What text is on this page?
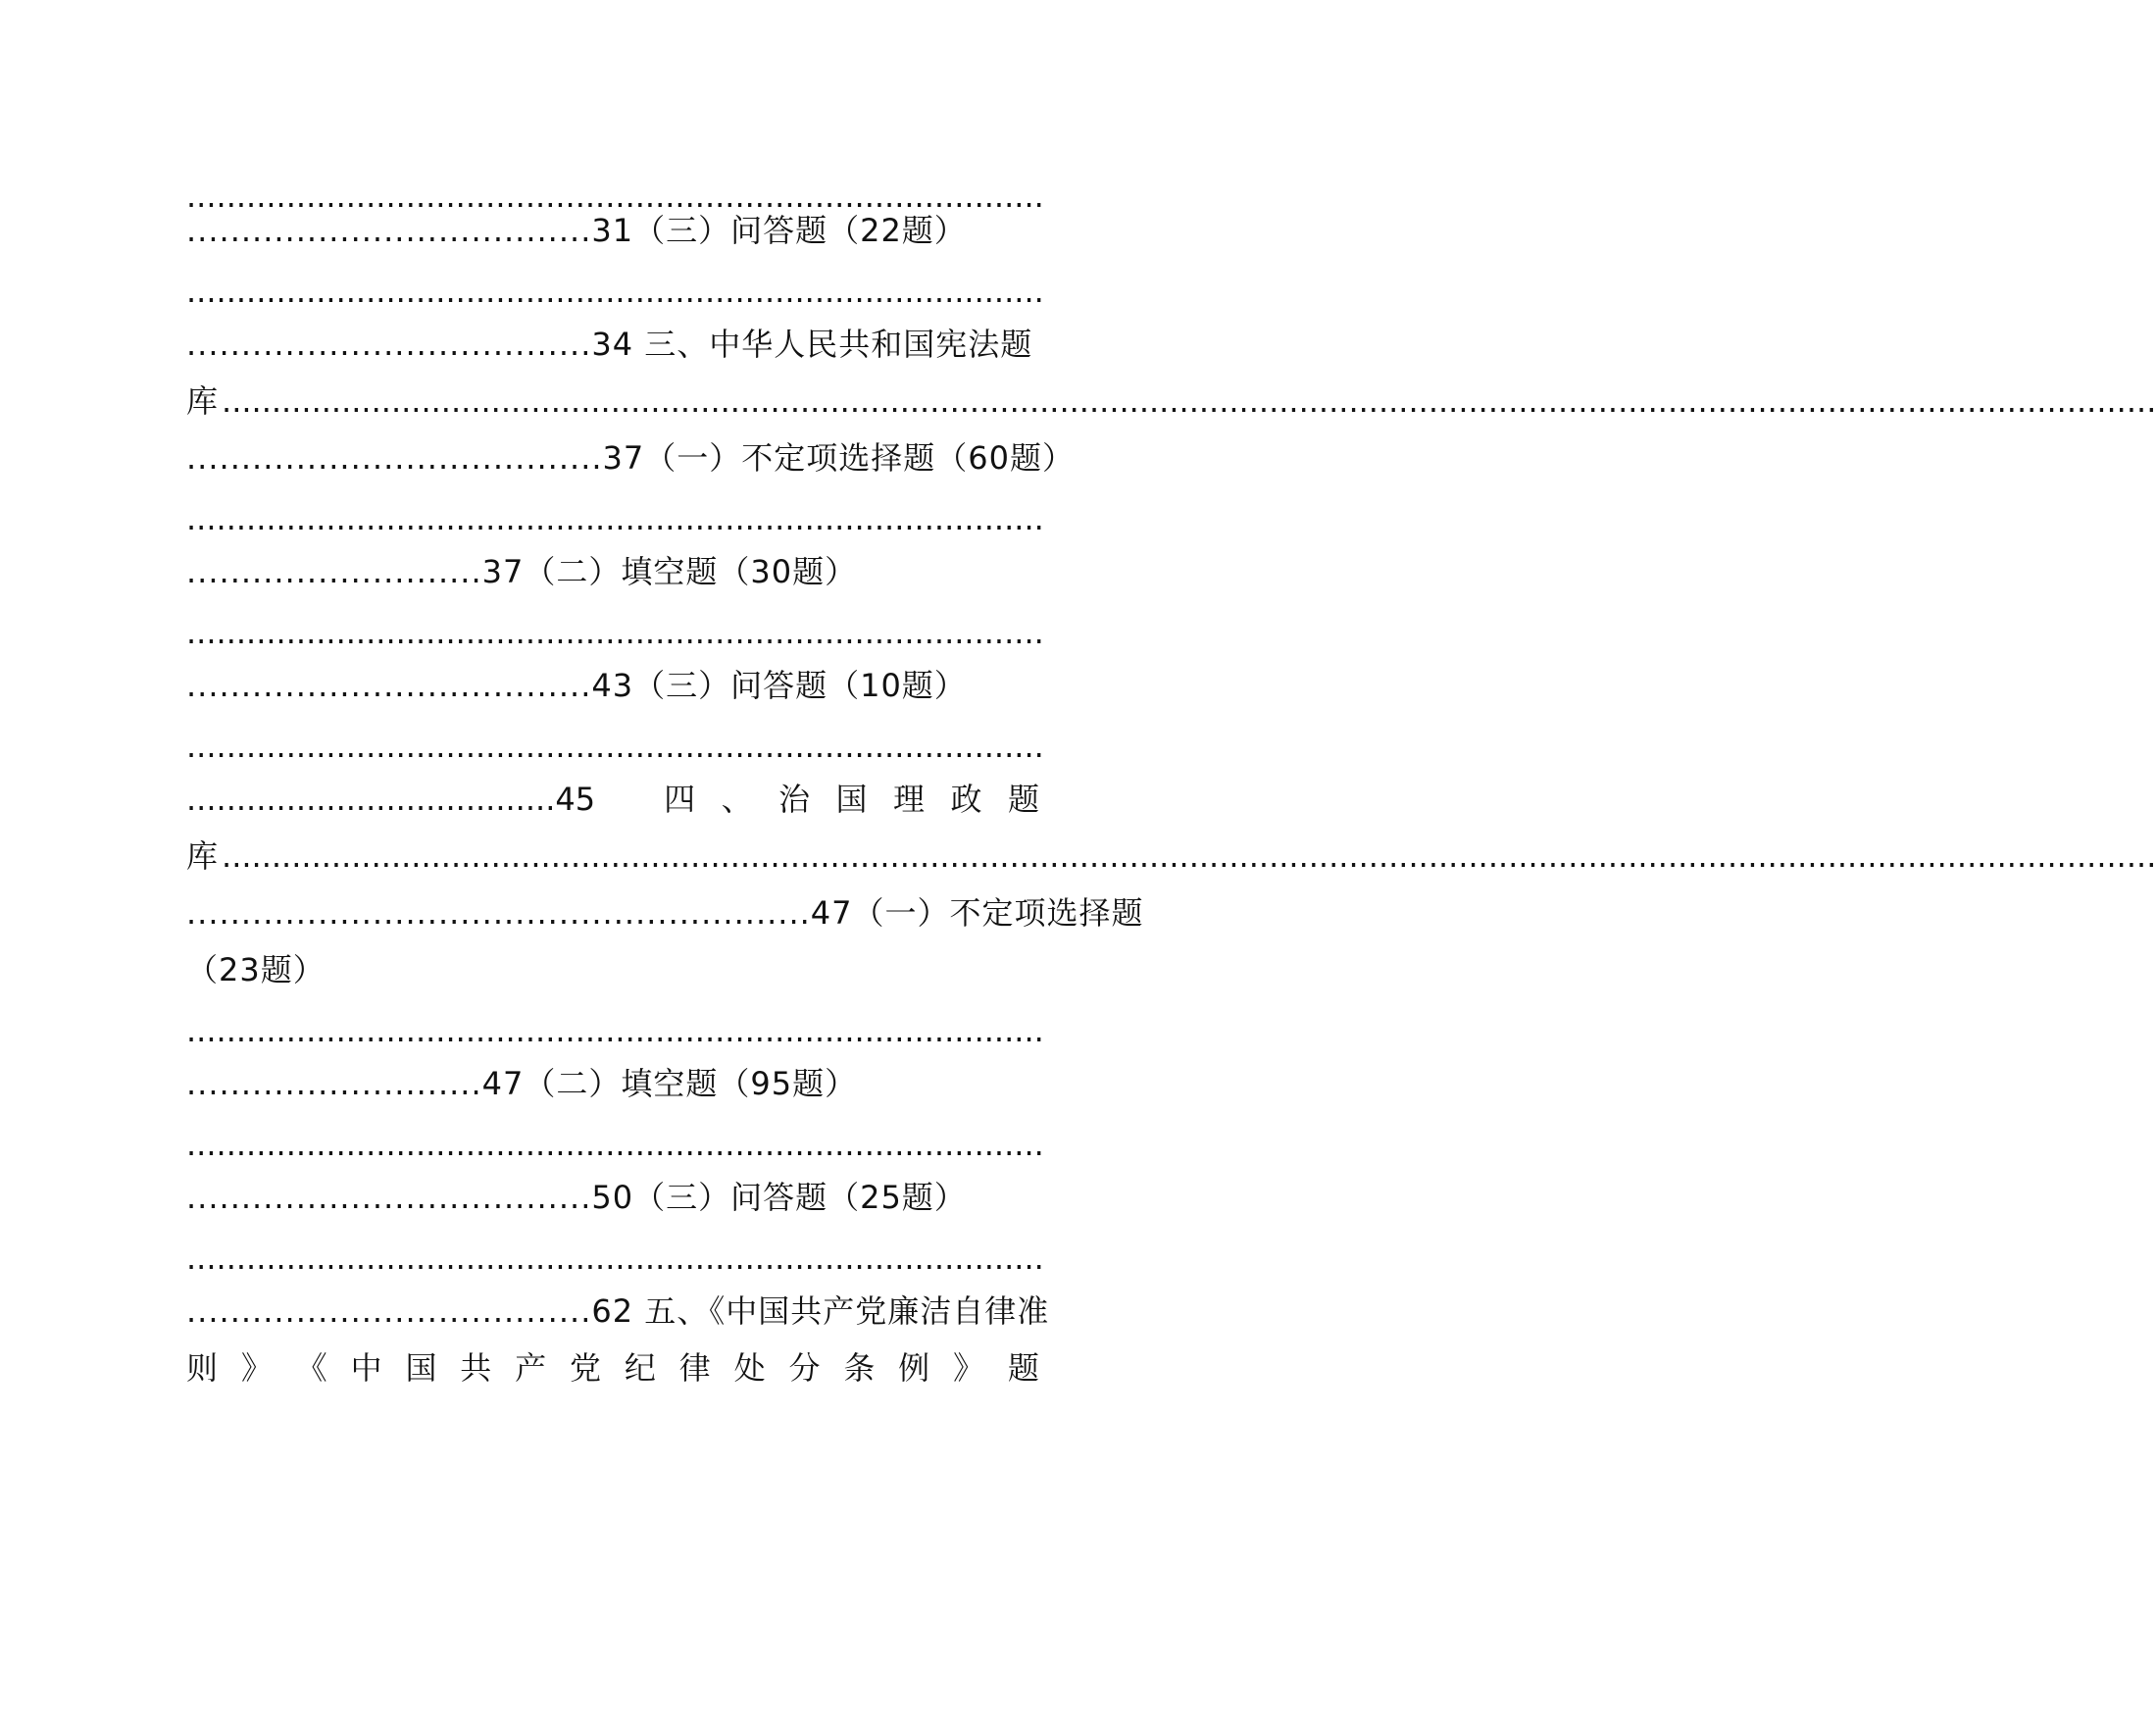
......................................................................................
.....................................31（三）问答题（22题）
......................................................................................
.....................................34 三、中华人民共和国宪法题
库 ..................................................................................................................................................................................................
......................................37（一）不定项选择题（60题）
......................................................................................
...........................37（二）填空题（30题）
......................................................................................
.....................................43（三）问答题（10题）
......................................................................................
.....................................45 四 、 治 国 理 政 题
库 ..................................................................................................................................................................................................
.........................................................47（一）不定项选择题
（23题）
......................................................................................
...........................47（二）填空题（95题）
......................................................................................
.....................................50（三）问答题（25题）
......................................................................................
.....................................62 五、《中国共产党廉洁自律准
则 》 《 中 国 共 产 党 纪 律 处 分 条 例 》 题
